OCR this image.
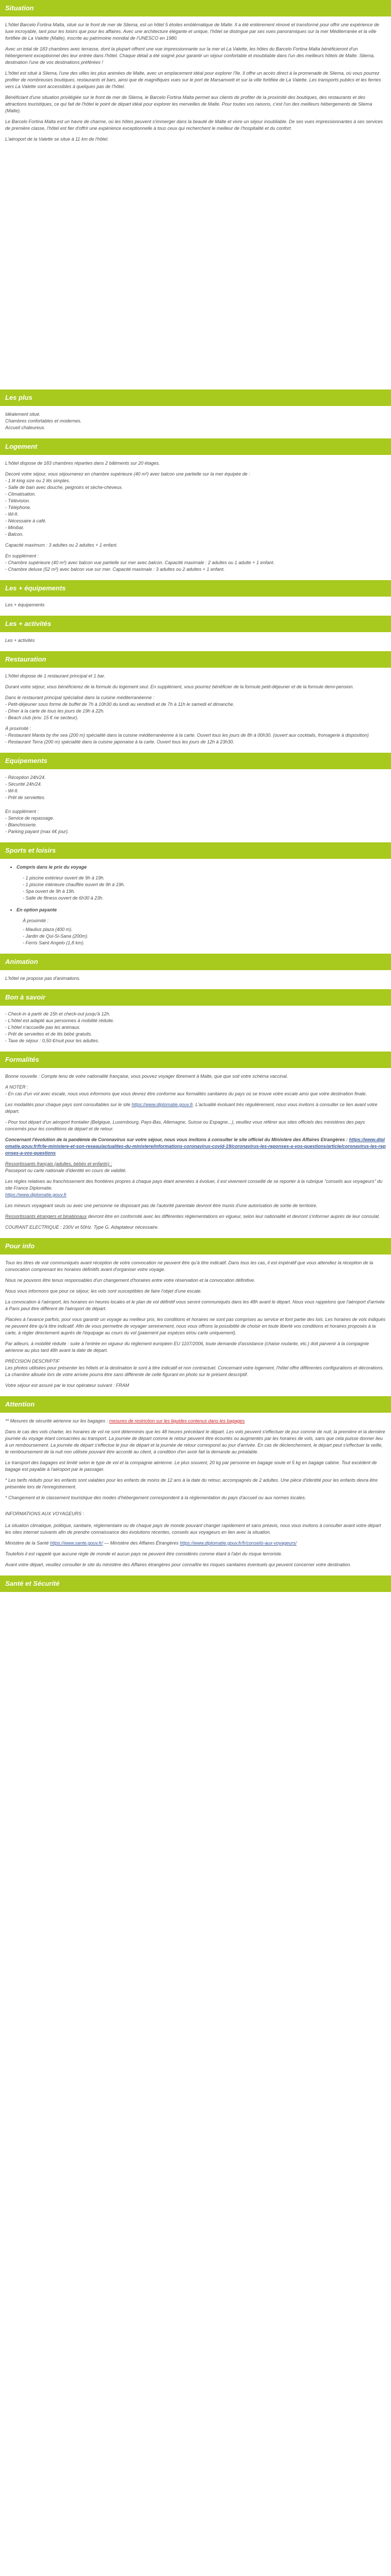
Situation

L'hôtel Barcelo Fortina Malta, situé sur le front de mer de Sliema, est un hôtel 5 étoiles emblématique de Malte. Il a été entièrement rénové et transformé pour offrir une expérience de luxe incroyable, tant pour les loisirs que pour les affaires. Avec une architecture élégante et unique, l'hôtel se distingue par ses vues panoramiques sur la mer Méditerranée et la ville fortifiée de La Valette (Malte), inscrite au patrimoine mondial de l'UNESCO en 1980.

Avec un total de 183 chambres avec terrasse, dont la plupart offrent une vue impressionnante sur la mer et La Valette, les hôtes du Barcelo Fortina Malta bénéficieront d'un hébergement exceptionnel des leur entrée dans l'hôtel. Chaque détail a été soigné pour garantir un séjour confortable et inoubliable dans l'un des meilleurs hôtels de Malte. Sliema, destination l'une de vos destinations préférées !

L'hôtel est situé à Sliema, l'une des villes les plus animées de Malte, avec un emplacement idéal pour explorer l'île. Il offre un accès direct à la promenade de Sliema, où vous pourrez profiter de nombreuses boutiques, restaurants et bars, ainsi que de magnifiques vues sur le port de Marsamxett et sur la ville fortifiée de La Valette. Les transports publics et les ferries vers La Valette sont accessibles à quelques pas de l'hôtel.

Bénéficiant d'une situation privilégiée sur le front de mer de Sliema, le Barcelo Fortina Malta permet aux clients de profiter de la proximité des boutiques, des restaurants et des attractions touristiques, ce qui fait de l'hôtel le point de départ idéal pour explorer les merveilles de Malte. Pour toutes vos raisons, c'est l'un des meilleurs hébergements de Sliema (Malte).

Le Barcelo Fortina Malta est un havre de charme, où les hôtes peuvent s'immerger dans la beauté de Malte et vivre un séjour inoubliable. De ses vues impressionnantes à ses services de première classe, l'hôtel est fier d'offrir une expérience exceptionnelle à tous ceux qui recherchent le meilleur de l'hospitalité et du confort.

L'aéroport de la Valette se situe à 11 km de l'hôtel.

Les plus

Idéalement situé.

Chambres confortables et modernes.

Accueil chaleureux.

Logement

L'hôtel dispose de 183 chambres réparties dans 2 bâtiments sur 20 étages.

Decoré votre séjour, vous séjournerez en chambre supérieure (40 m²) avec balcon une partielle sur la mer équipée de :

- 1 lit king size ou 2 lits simples.
- Salle de bain avec douche, peignoirs et sèche-cheveux.
- Climatisation.
- Télévision.
- Téléphone.
- Wi-fi.
- Nécessaire à café.
- Minibar.
- Balcon.

Capacité maximum : 3 adultes ou 2 adultes + 1 enfant.

En supplément :

- Chambre supérieure (40 m²) avec balcon vue partielle sur mer avec balcon. Capacité maximale : 2 adultes ou 1 adulte + 1 enfant.
- Chambre deluxe (52 m²) avec balcon vue sur mer. Capacité maximale : 3 adultes ou 2 adultes + 1 enfant.
Les + équipements

Les + équipements

Les + activités

Les + activités

Restauration

L'hôtel dispose de 1 restaurant principal et 1 bar.

Durant votre séjour, vous bénéficierez de la formule du logement seul. En supplément, vous pourrez bénéficier de la formule petit-déjeuner et de la formule demi-pension.

Dans le restaurant principal spécialisé dans la cuisine méditerranéenne :

- Petit-déjeuner sous forme de buffet de 7h à 10h30 du lundi au vendredi et de 7h à 11h le samedi et dimanche.
- Dîner à la carte de tous les jours de 19h à 22h.
- Beach club (env. 15 € ne secteur).

À proximité :

- Restaurant Manta by the sea (200 m) spécialité dans la cuisine méditerranéenne à la carte. Ouvert tous les jours de 8h à 00h30. (ouvert aux cocktails, fromagerie à disposition)
- Restaurant Terra (200 m) spécialité dans la cuisine japonaise à la carte. Ouvert tous les jours de 12h à 23h30.
Equipements
- Réception 24h/24.
- Sécurité 24h/24.
- Wi-fi.
- Prêt de serviettes.

En supplément :

- Service de repassage.
- Blanchisserie.
- Parking payant (max 6€ jour).
Sports et loisirs
• Compris dans le prix du voyage
- 1 piscine extérieur ouvert de 9h à 19h.
- 1 piscine intérieure chauffée ouvert de 9h à 19h.
- Spa ouvert de 9h à 19h.
- Salle de fitness ouvert de 6h30 à 23h.
• En option payante
À proximité :
- Maulius plaza (400 m).
- Jardin de Qui-Si-Sana (200m).
- Ferris Saint Angelo (1,8 km).
Animation

L'hôtel ne propose pas d'animations.

Bon à savoir
- Check-in à partir de 15h et check-out jusqu'à 12h.
- L'hôtel est adapté aux personnes à mobilité réduite.
- L'hôtel n'accueille pas les animaux.
- Prêt de serviettes et de lits bébé gratuits.
- Taxe de séjour : 0,50 €/nuit pour les adultes.
Formalités

Bonne nouvelle : Compte tenu de votre nationalité française, vous pouvez voyager librement à Malte, que que soit votre schéma vaccinal.

A NOTER :

- En cas d'un vol avec escale, nous vous informons que vous devrez être conforme aux formalités sanitaires du pays où se trouve votre escale ainsi que votre destination finale.

Les modalités pour chaque pays sont consultables sur le site https://www.diplomatie.gouv.fr. L'actualité évoluant très régulièrement, nous vous invitons à consulter ce lien avant votre départ.

- Pour tout départ d'un aéroport frontalier (Belgique, Luxembourg, Pays-Bas, Allemagne, Suisse ou Espagne...), veuillez vous référer aux sites officiels des ministères des pays concernés pour les conditions de départ et de retour.

Concernant l'évolution de la pandémie de Coronavirus sur votre séjour, nous vous invitons à consulter le site officiel du Ministère des Affaires Etrangères : https://www.diplomatie.gouv.fr/fr/le-ministere-et-son-reseau/actualites-du-ministere/informations-coronavirus-covid-19/coronavirus-les-reponses-a-vos-questions/article/coronavirus-les-reponses-a-vos-questions

Ressortissants français (adultes, bébés et enfants) :

Passeport ou carte nationale d'identité en cours de validité.

Les règles relatives au franchissement des frontières propres à chaque pays étant amenées à évoluer, il est vivement conseillé de se reporter à la rubrique "conseils aux voyageurs" du site France Diplomatie.

https://www.diplomatie.gouv.fr

Les mineurs voyageant seuls ou avec une personne ne disposant pas de l'autorité parentale devront être munis d'une autorisation de sortie de territoire.

Ressortissants étrangers et binationaux devront être en conformité avec les différentes réglementations en vigueur, selon leur nationalité et devront s'informer auprès de leur consulat.

COURANT ELECTRIQUE : 230V et 50Hz. Type G. Adaptateur nécessaire.

Pour info

Tous les titres de voir communiqués avant réception de votre convocation ne peuvent être qu'à titre indicatif. Dans tous les cas, il est impératif que vous attendiez la réception de la convocation comprenant les horaires définitifs avant d'organiser votre voyage.

Nous ne pouvons être tenus responsables d'un changement d'horaires entre votre réservation et la convocation définitive.

Nous vous informons que pour ce séjour, les vols sont susceptibles de faire l'objet d'une escale.

La convocation à l'aéroport, les horaires en heures locales et le plan de vol définitif vous seront communiqués dans les 48h avant le départ. Nous vous rappelons que l'aéroport d'arrivée à Paris peut être différent de l'aéroport de départ.

Placées à l'avance parfois, pour vous garantir un voyage au meilleur prix, les conditions et horaires ne sont pas comprises au service et font partie des lois. Les horaires de vols indiqués ne peuvent être qu'à titre indicatif. Afin de vous permettre de voyager sereinement, nous vous offrons la possibilité de choisir en toute liberté vos conditions et horaires proposés à la carte, à régler directement auprès de l'équipage au cours du vol (paiement par espèces et/ou carte uniquement).

Par ailleurs, à mobilité réduite : suite à l'entrée en vigueur du règlement européen EU 1107/2006, toute demande d'assistance (chaise roulante, etc.) doit parvenir à la compagnie aérienne au plus tard 48h avant la date de départ.

PRÉCISION DESCRIPTIF

Les photos utilisées pour présenter les hôtels et la destination le sont à titre indicatif et non contractuel. Concernant votre logement, l'hôtel offre différentes configurations et décorations. La chambre allouée lors de votre arrivée pourra être sans différente de celle figurant en photo sur le présent descriptif.

Votre séjour est assuré par le tour opérateur suivant : FRAM

Attention

** Mesures de sécurité aérienne sur les bagages : mesures de restriction sur les liquides contenus dans les bagages

Dans le cas des vols charter, les horaires de vol ne sont déterminés que les 48 heures précédant le départ. Les vols peuvent s'effectuer de jour comme de nuit; la première et la dernière journée du voyage étant consacrées au transport. La journée de départ comme le retour peuvent être écourtés ou augmentés par les horaires de vols, sans que cela puisse donner lieu à un remboursement. La journée de départ s'effectue le jour de départ et la journée de retour correspond au jour d'arrivée. En cas de déclenchement, le départ peut s'effectuer la veille, le remboursement de la nuit non utilisée pouvant être accordé au client, à condition d'en avoir fait la demande au préalable.

Le transport des bagages est limité selon le type de vol et la compagnie aérienne. Le plus souvent, 20 kg par personne en bagage soute et 5 kg en bagage cabine. Tout excédent de bagage est payable à l'aéroport par le passager.

* Les tarifs réduits pour les enfants sont valables pour les enfants de moins de 12 ans à la date du retour, accompagnés de 2 adultes. Une pièce d'identité pour les enfants devra être présentée lors de l'enregistrement.

* Changement et le classement touristique des modes d'hébergement correspondent à la réglementation du pays d'accueil ou aux normes locales.

INFORMATIONS AUX VOYAGEURS :

La situation climatique, politique, sanitaire, réglementaire ou de chaque pays de monde pouvant changer rapidement et sans préavis, nous vous invitons à consulter avant votre départ les sites internet suivants afin de prendre connaissance des évolutions récentes, conseils aux voyageurs en lien avec la situation.

Ministère de la Santé https://www.sante.gouv.fr/ — Ministère des Affaires Étrangères https://www.diplomatie.gouv.fr/fr/conseils-aux-voyageurs/

Toutefois il est rappelé que aucune règle de monde et aucun pays ne peuvent être considérés comme étant à l'abri du risque terroriste.

Avant votre départ, veuillez consulter le site du ministère des Affaires étrangères pour connaître les risques sanitaires éventuels qui peuvent concerner votre destination.

Santé et Sécurité
